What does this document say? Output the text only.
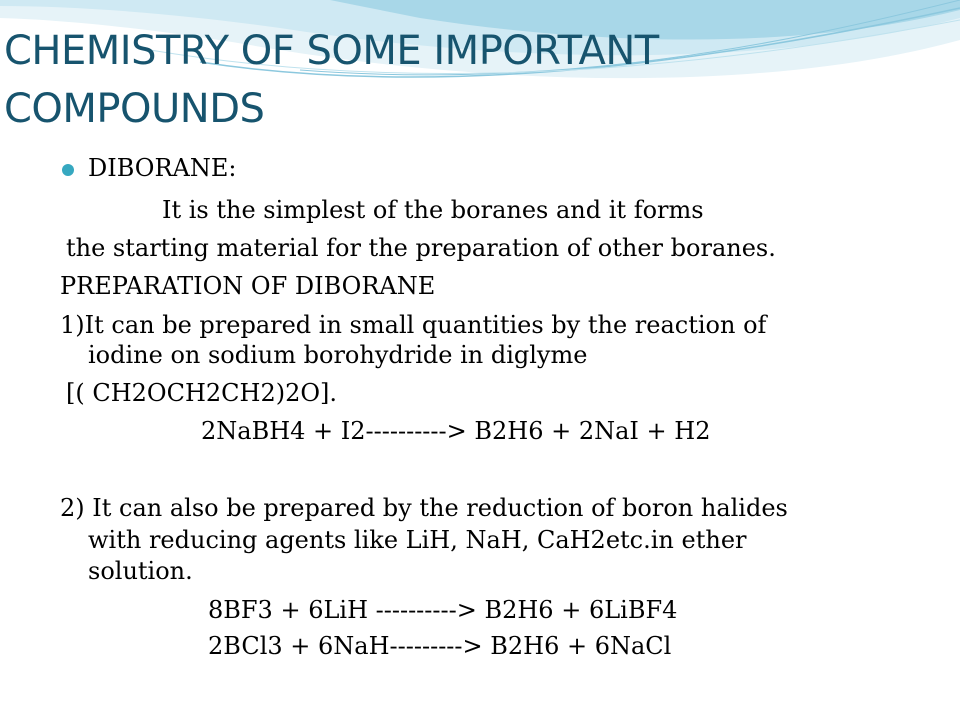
CHEMISTRY OF SOME IMPORTANT
COMPOUNDS

DIBORANE:

It is the simplest of the boranes and it forms

the starting material for the preparation of other boranes.

PREPARATION OF DIBORANE

1)It can be prepared in small quantities by the reaction of

iodine on sodium borohydride in diglyme

[( CH2OCH2CH2)2O].

2NaBH4 + I2----------> B2H6 + 2NaI + H2

2) It can also be prepared by the reduction of boron halides

with reducing agents like LiH, NaH, CaH2etc.in ether

solution.

8BF3 + 6LiH ----------> B2H6 + 6LiBF4

2BCl3 + 6NaH---------> B2H6 + 6NaCl
